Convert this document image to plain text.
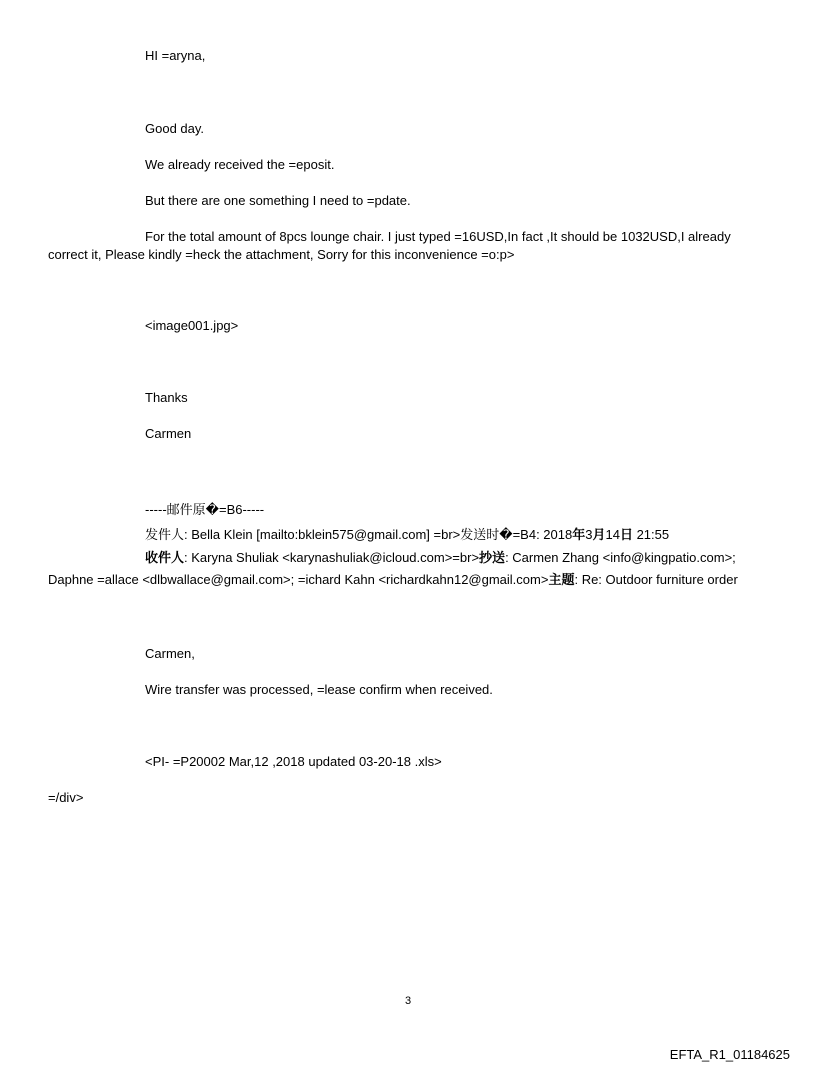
HI =aryna,
Good day.
We already received the =eposit.
But there are one something I need to =pdate.
For the total amount of 8pcs lounge chair. I just typed =16USD,In fact ,It should be 1032USD,I already correct it, Please kindly =heck the attachment, Sorry for this inconvenience =o:p>
<image001.jpg>
Thanks
Carmen
-----邮件原�=B6-----
发件人: Bella Klein [mailto:bklein575@gmail.com] =br>发送时�=B4: 2018年3月14日 21:55
收件人: Karyna Shuliak <karynashuliak@icloud.com>=br>抄送: Carmen Zhang <info@kingpatio.com>;
Daphne =allace <dlbwallace@gmail.com>; =ichard Kahn <richardkahn12@gmail.com>主题: Re: Outdoor furniture order
Carmen,
Wire transfer was processed, =lease confirm when received.
<PI- =P20002 Mar,12 ,2018 updated 03-20-18 .xls>
=/div>
3
EFTA_R1_01184625
